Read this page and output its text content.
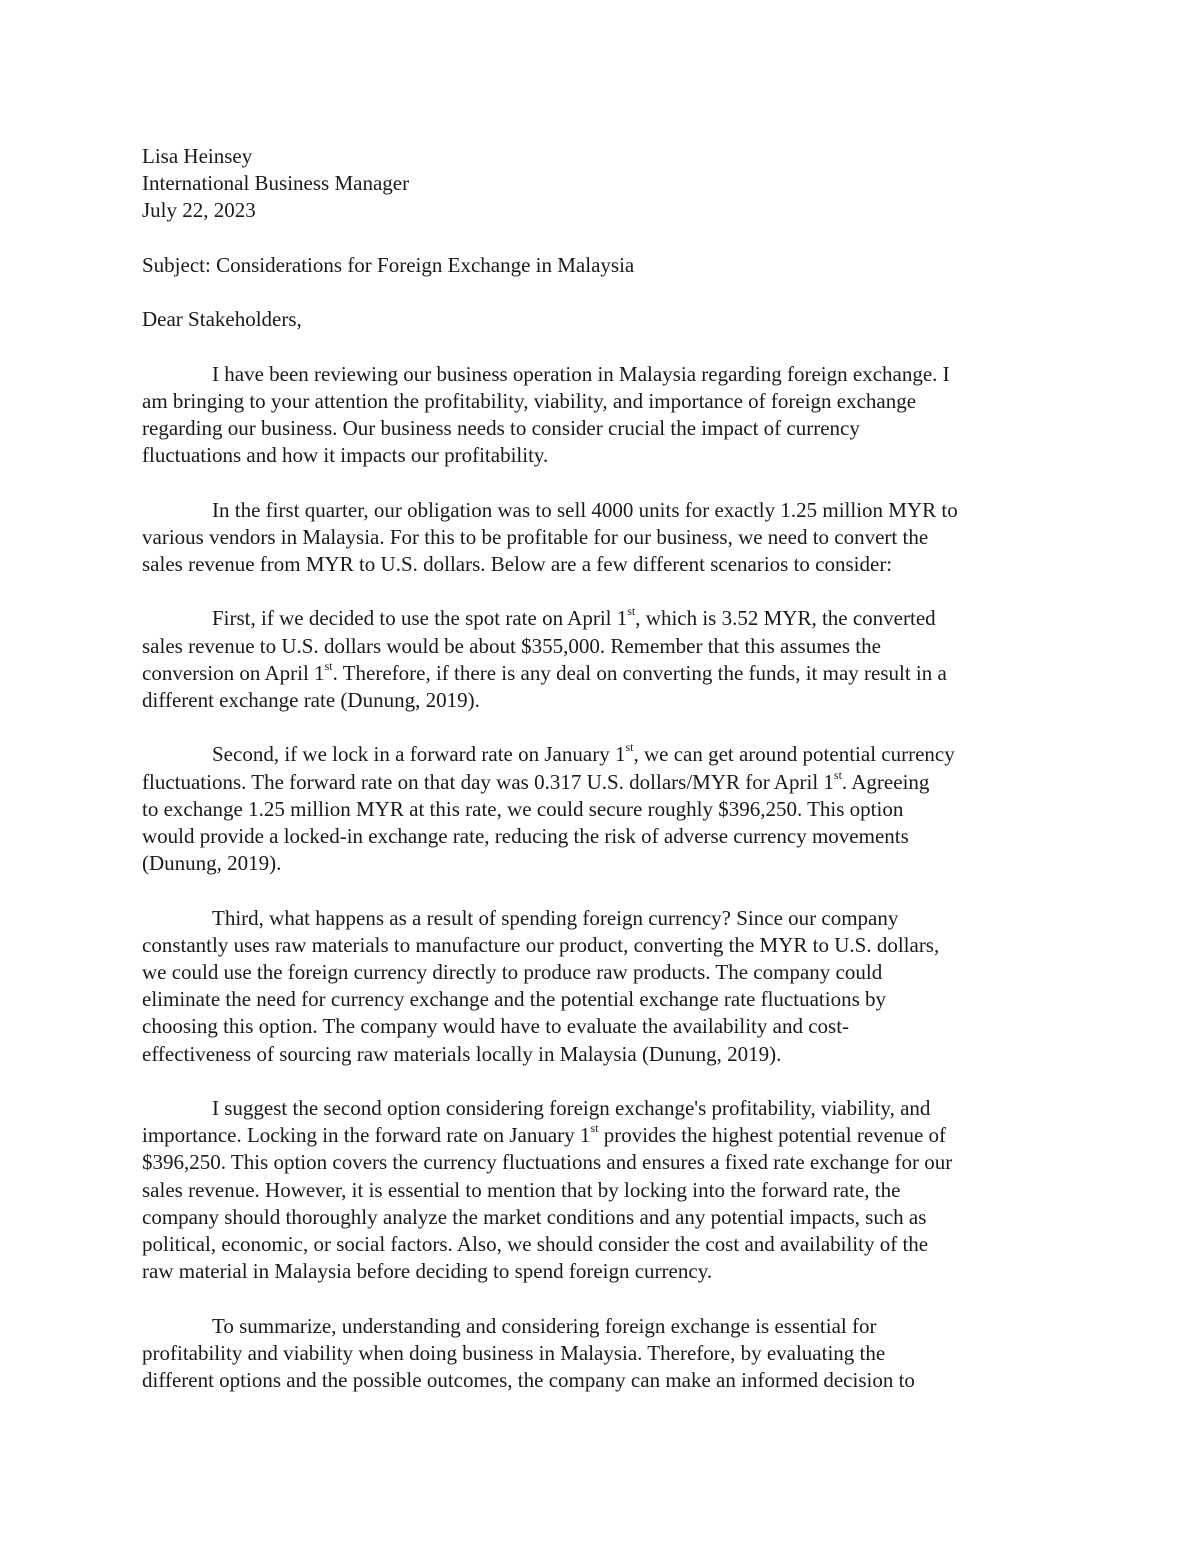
Lisa Heinsey
International Business Manager
July 22, 2023
Subject: Considerations for Foreign Exchange in Malaysia
Dear Stakeholders,
I have been reviewing our business operation in Malaysia regarding foreign exchange. I
am bringing to your attention the profitability, viability, and importance of foreign exchange
regarding our business. Our business needs to consider crucial the impact of currency
fluctuations and how it impacts our profitability.
In the first quarter, our obligation was to sell 4000 units for exactly 1.25 million MYR to
various vendors in Malaysia. For this to be profitable for our business, we need to convert the
sales revenue from MYR to U.S. dollars. Below are a few different scenarios to consider:
First, if we decided to use the spot rate on April 1st, which is 3.52 MYR, the converted
sales revenue to U.S. dollars would be about $355,000. Remember that this assumes the
conversion on April 1st. Therefore, if there is any deal on converting the funds, it may result in a
different exchange rate (Dunung, 2019).
Second, if we lock in a forward rate on January 1st, we can get around potential currency
fluctuations. The forward rate on that day was 0.317 U.S. dollars/MYR for April 1st. Agreeing
to exchange 1.25 million MYR at this rate, we could secure roughly $396,250. This option
would provide a locked-in exchange rate, reducing the risk of adverse currency movements
(Dunung, 2019).
Third, what happens as a result of spending foreign currency? Since our company
constantly uses raw materials to manufacture our product, converting the MYR to U.S. dollars,
we could use the foreign currency directly to produce raw products. The company could
eliminate the need for currency exchange and the potential exchange rate fluctuations by
choosing this option. The company would have to evaluate the availability and cost-
effectiveness of sourcing raw materials locally in Malaysia (Dunung, 2019).
I suggest the second option considering foreign exchange's profitability, viability, and
importance. Locking in the forward rate on January 1st provides the highest potential revenue of
$396,250. This option covers the currency fluctuations and ensures a fixed rate exchange for our
sales revenue. However, it is essential to mention that by locking into the forward rate, the
company should thoroughly analyze the market conditions and any potential impacts, such as
political, economic, or social factors. Also, we should consider the cost and availability of the
raw material in Malaysia before deciding to spend foreign currency.
To summarize, understanding and considering foreign exchange is essential for
profitability and viability when doing business in Malaysia. Therefore, by evaluating the
different options and the possible outcomes, the company can make an informed decision to
